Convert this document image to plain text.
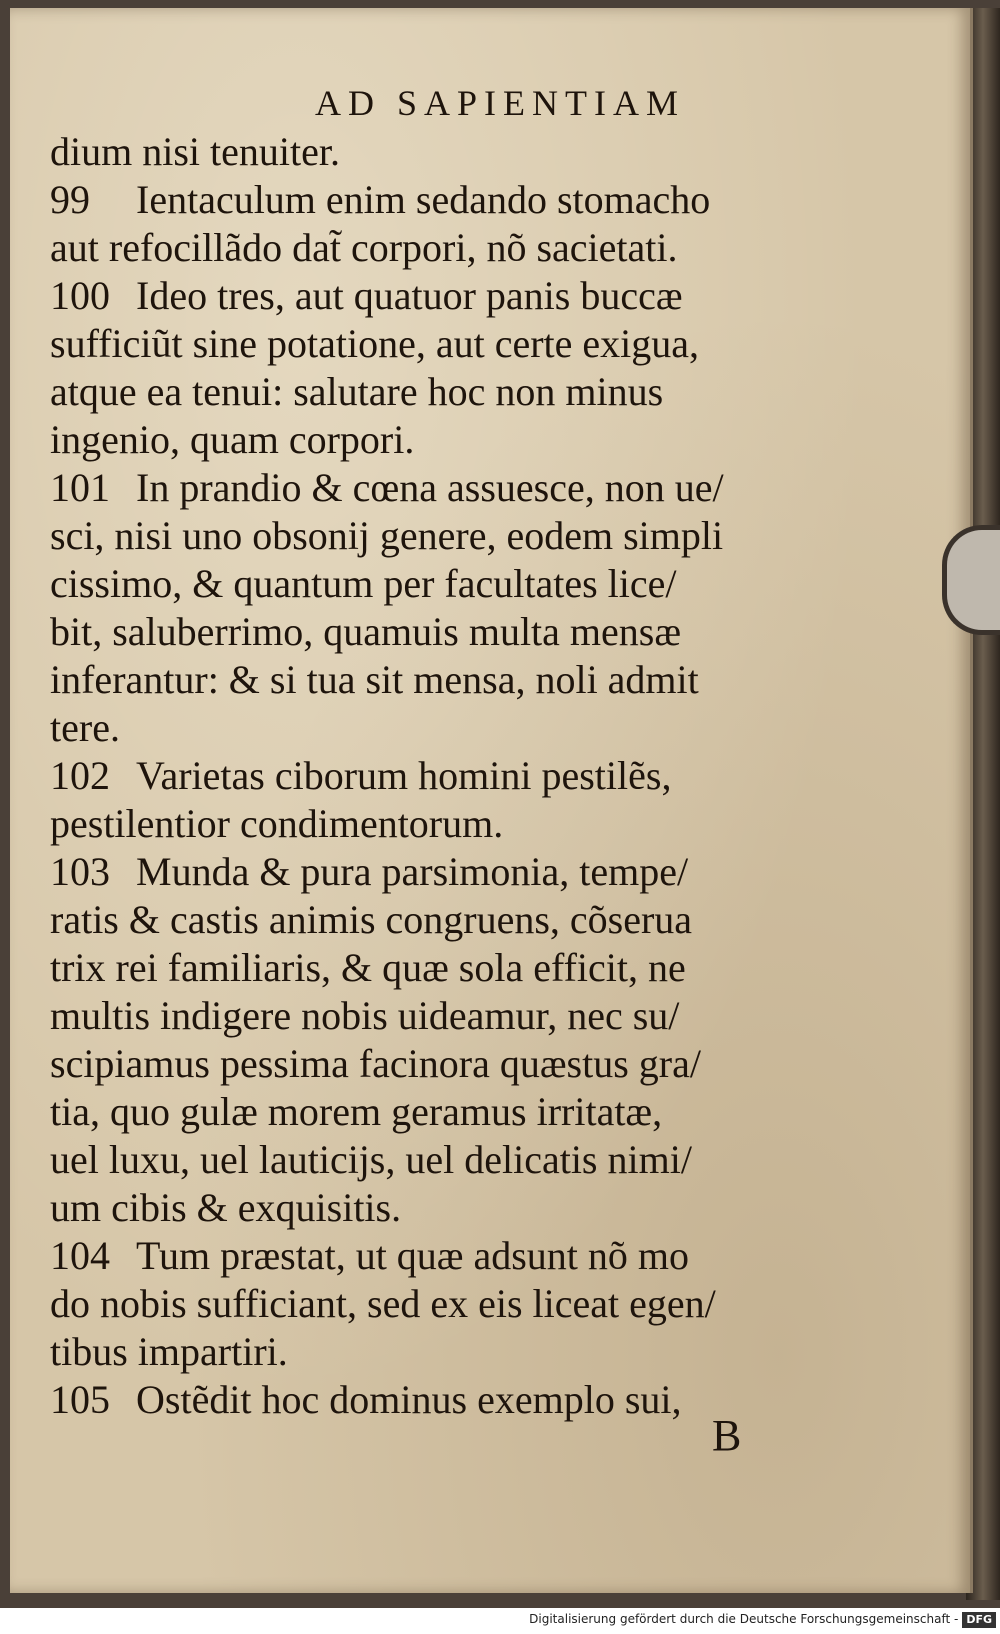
AD SAPIENTIAM
dium nisi tenuiter.
99 Ientaculum enim sedando stomacho
aut refocillãdo dat̃ corpori, nõ sacietati.
100 Ideo tres, aut quatuor panis buccæ
sufficiũt sine potatione, aut certe exigua,
atque ea tenui: salutare hoc non minus
ingenio, quam corpori.
101 In prandio & cœna assuesce, non ue/
sci, nisi uno obsonĳ genere, eodem simpli
cissimo, & quantum per facultates lice/
bit, saluberrimo, quamuis multa mensæ
inferantur: & si tua sit mensa, noli admit
tere.
102 Varietas ciborum homini pestilẽs,
pestilentior condimentorum.
103 Munda & pura parsimonia, tempe/
ratis & castis animis congruens, cõserua
trix rei familiaris, & quæ sola efficit, ne
multis indigere nobis uideamur, nec su/
scipiamus pessima facinora quæstus gra/
tia, quo gulæ morem geramus irritatæ,
uel luxu, uel lauticĳs, uel delicatis nimi/
um cibis & exquisitis.
104 Tum præstat, ut quæ adsunt nõ mo
do nobis sufficiant, sed ex eis liceat egen/
tibus impartiri.
105 Ostẽdit hoc dominus exemplo sui,
B
Digitalisierung gefördert durch die Deutsche Forschungsgemeinschaft - DFG
